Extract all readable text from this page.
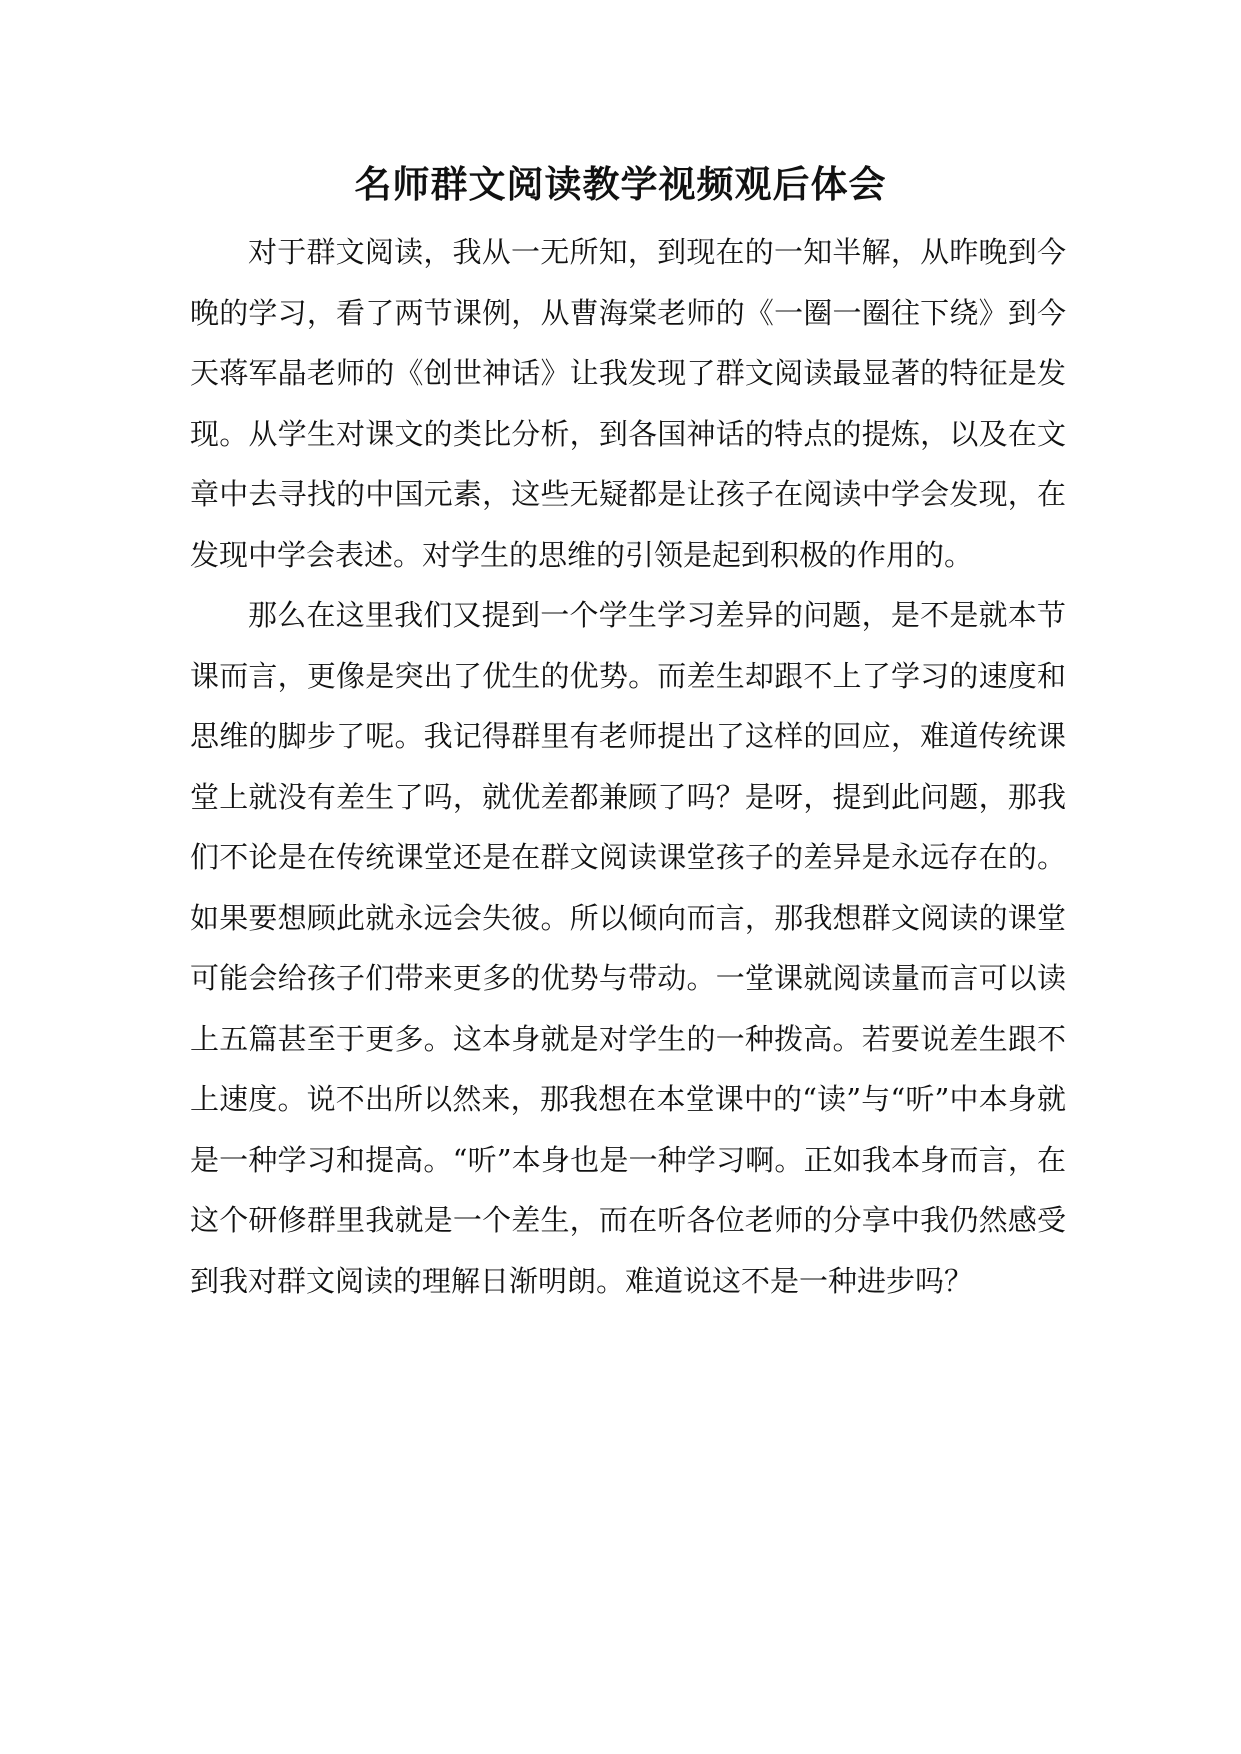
名师群文阅读教学视频观后体会

对于群文阅读，我从一无所知，到现在的一知半解，从昨晚到今晚的学习，看了两节课例，从曹海棠老师的《一圈一圈往下绕》到今天蒋军晶老师的《创世神话》让我发现了群文阅读最显著的特征是发现。从学生对课文的类比分析，到各国神话的特点的提炼，以及在文章中去寻找的中国元素，这些无疑都是让孩子在阅读中学会发现，在发现中学会表述。对学生的思维的引领是起到积极的作用的。

那么在这里我们又提到一个学生学习差异的问题，是不是就本节课而言，更像是突出了优生的优势。而差生却跟不上了学习的速度和思维的脚步了呢。我记得群里有老师提出了这样的回应，难道传统课堂上就没有差生了吗，就优差都兼顾了吗？是呀，提到此问题，那我们不论是在传统课堂还是在群文阅读课堂孩子的差异是永远存在的。如果要想顾此就永远会失彼。所以倾向而言，那我想群文阅读的课堂可能会给孩子们带来更多的优势与带动。一堂课就阅读量而言可以读上五篇甚至于更多。这本身就是对学生的一种拨高。若要说差生跟不上速度。说不出所以然来，那我想在本堂课中的“读”与“听”中本身就是一种学习和提高。“听”本身也是一种学习啊。正如我本身而言，在这个研修群里我就是一个差生，而在听各位老师的分享中我仍然感受到我对群文阅读的理解日渐明朗。难道说这不是一种进步吗？
